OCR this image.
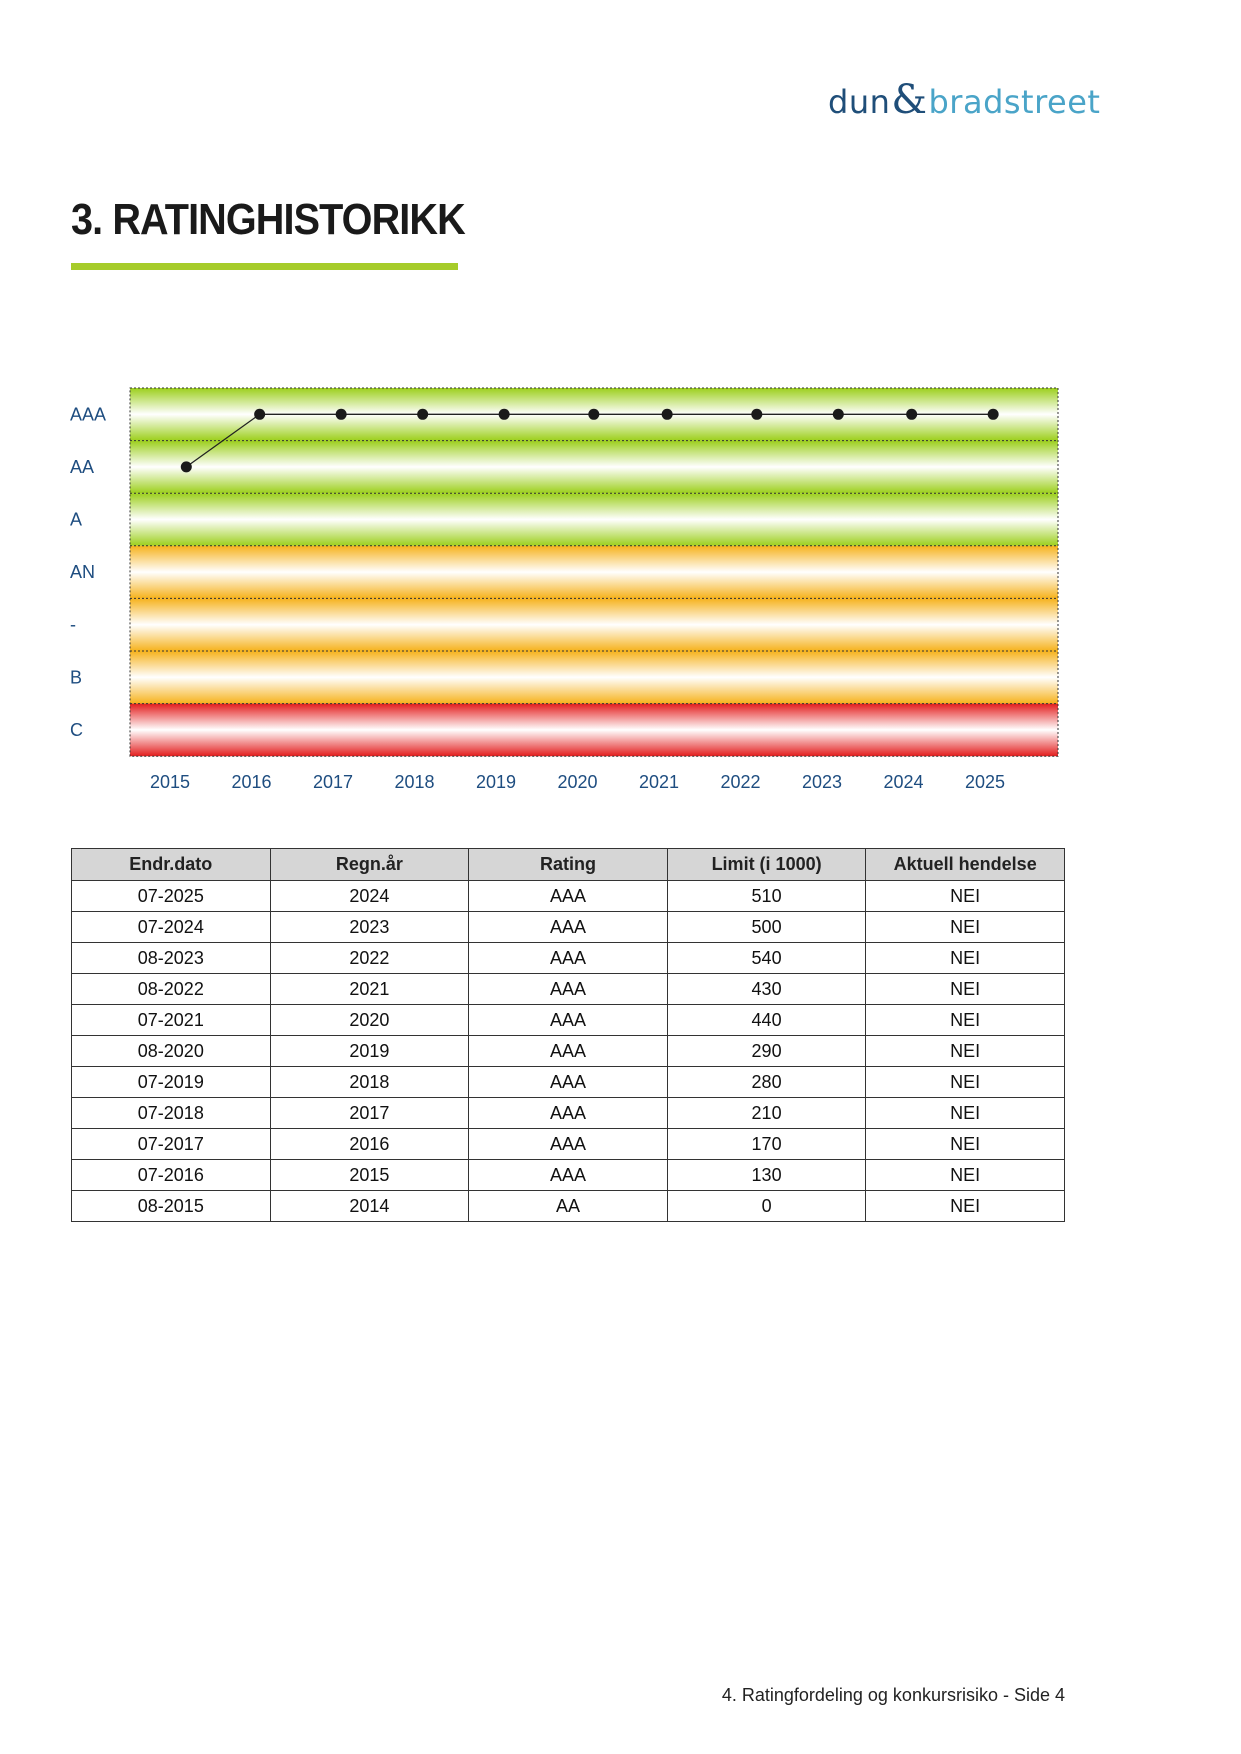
dun&bradstreet
3. RATINGHISTORIKK
AAA
AA
A
AN
-
B
C
2015 2016 2017 2018 2019 2020 2021 2022 2023 2024 2025
Endr.dato	Regn.år	Rating	Limit (i 1000)	Aktuell hendelse
07-2025	2024	AAA	510	NEI
07-2024	2023	AAA	500	NEI
08-2023	2022	AAA	540	NEI
08-2022	2021	AAA	430	NEI
07-2021	2020	AAA	440	NEI
08-2020	2019	AAA	290	NEI
07-2019	2018	AAA	280	NEI
07-2018	2017	AAA	210	NEI
07-2017	2016	AAA	170	NEI
07-2016	2015	AAA	130	NEI
08-2015	2014	AA	0	NEI
4. Ratingfordeling og konkursrisiko - Side 4
